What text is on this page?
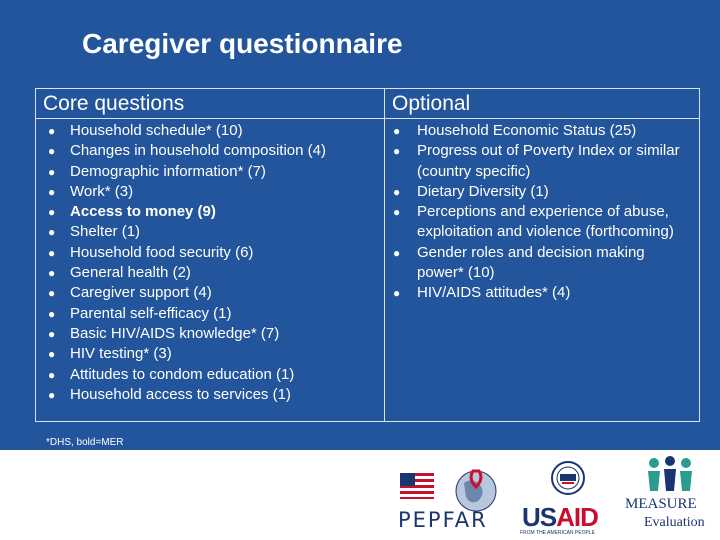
Caregiver questionnaire
Core questions	Optional
● Household schedule* (10)
● Changes in household composition (4)
● Demographic information* (7)
● Work* (3)
● Access to money (9)
● Shelter (1)
● Household food security (6)
● General health (2)
● Caregiver support (4)
● Parental self-efficacy (1)
● Basic HIV/AIDS knowledge* (7)
● HIV testing* (3)
● Attitudes to condom education (1)
● Household access to services (1)
● Household Economic Status (25)
● Progress out of Poverty Index or similar (country specific)
● Dietary Diversity (1)
● Perceptions and experience of abuse, exploitation and violence (forthcoming)
● Gender roles and decision making power* (10)
● HIV/AIDS attitudes* (4)
*DHS, bold=MER
PEPFAR USAID
FROM THE AMERICAN PEOPLE
MEASURE
Evaluation
